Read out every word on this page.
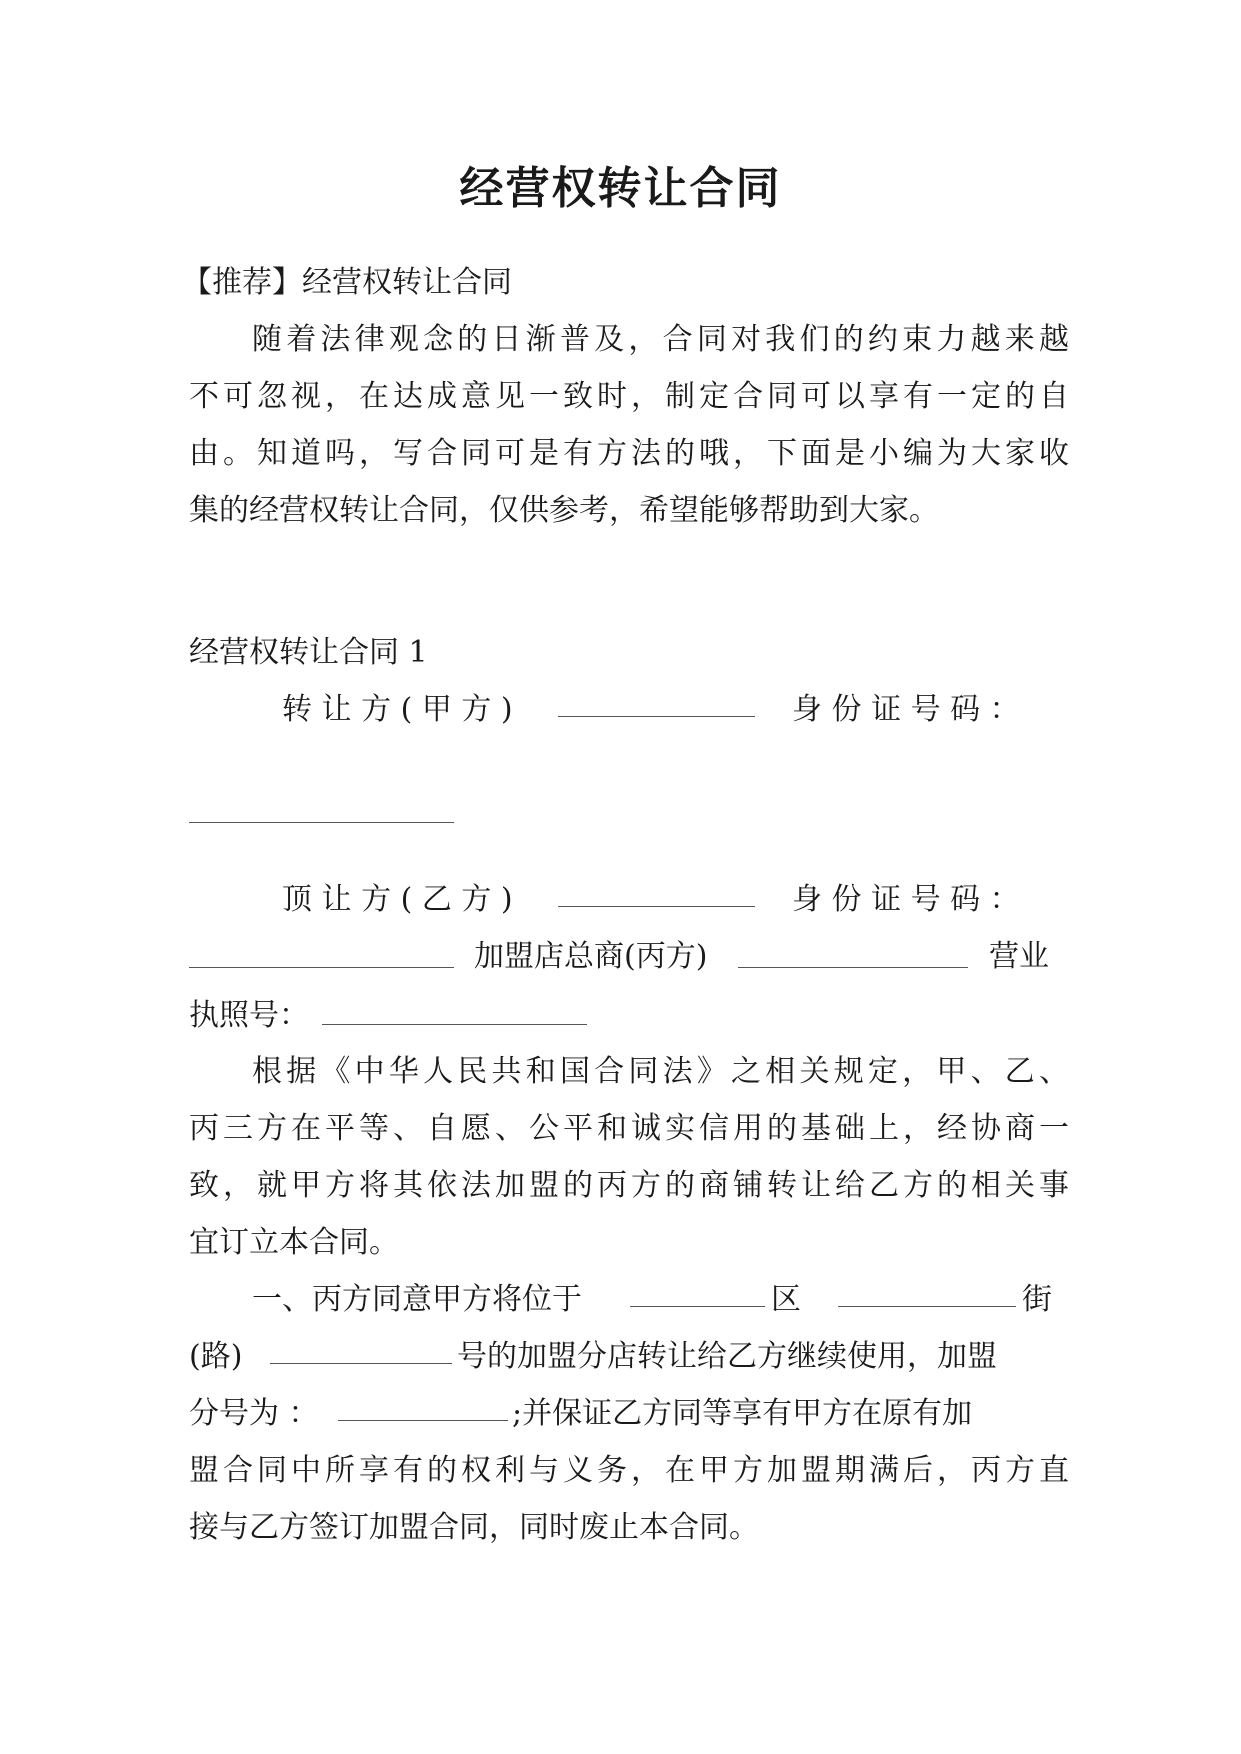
经营权转让合同
【推荐】经营权转让合同
随着法律观念的日渐普及，合同对我们的约束力越来越
不可忽视，在达成意见一致时，制定合同可以享有一定的自
由。知道吗，写合同可是有方法的哦，下面是小编为大家收
集的经营权转让合同，仅供参考，希望能够帮助到大家。
经营权转让合同 1
转 让 方 ( 甲 方 )	身 份 证 号 码 ：
顶 让 方 ( 乙 方 )	身 份 证 号 码 ：
加盟店总商(丙方)	营业
执照号：
根据《中华人民共和国合同法》之相关规定，甲、乙、
丙三方在平等、自愿、公平和诚实信用的基础上，经协商一
致，就甲方将其依法加盟的丙方的商铺转让给乙方的相关事
宜订立本合同。
一、丙方同意甲方将位于	区	街
(路)	号的加盟分店转让给乙方继续使用，加盟
分号为 ：	;并保证乙方同等享有甲方在原有加
盟合同中所享有的权利与义务，在甲方加盟期满后，丙方直
接与乙方签订加盟合同，同时废止本合同。
